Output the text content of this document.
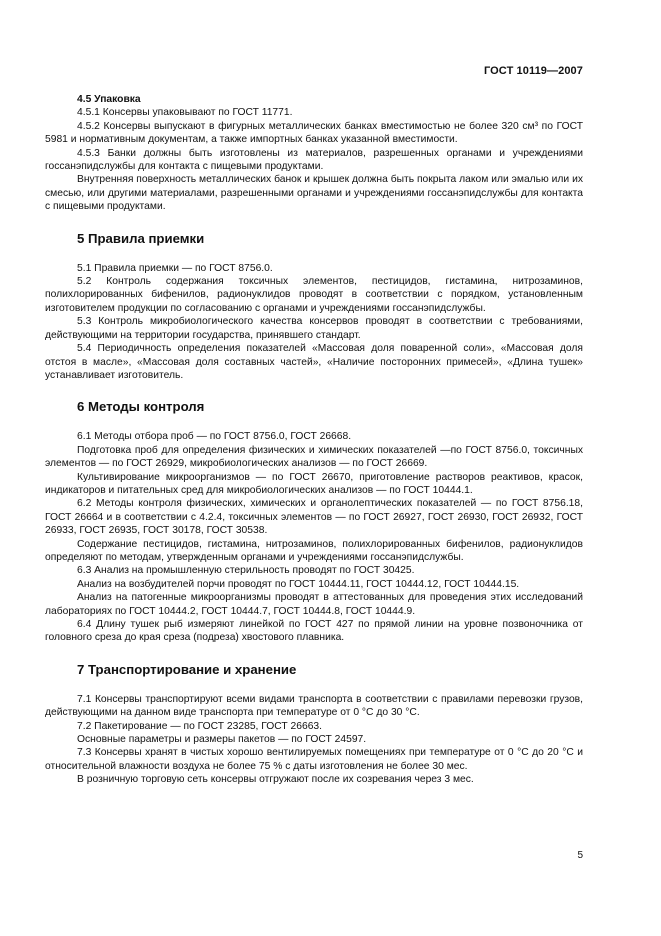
ГОСТ 10119—2007

4.5 Упаковка

4.5.1 Консервы упаковывают по ГОСТ 11771.

4.5.2 Консервы выпускают в фигурных металлических банках вместимостью не более 320 см³ по ГОСТ 5981 и нормативным документам, а также импортных банках указанной вместимости.

4.5.3 Банки должны быть изготовлены из материалов, разрешенных органами и учреждениями госсанэпидслужбы для контакта с пищевыми продуктами.

Внутренняя поверхность металлических банок и крышек должна быть покрыта лаком или эмалью или их смесью, или другими материалами, разрешенными органами и учреждениями госсанэпидслужбы для контакта с пищевыми продуктами.

5 Правила приемки

5.1 Правила приемки — по ГОСТ 8756.0.

5.2 Контроль содержания токсичных элементов, пестицидов, гистамина, нитрозаминов, полихлорированных бифенилов, радионуклидов проводят в соответствии с порядком, установленным изготовителем продукции по согласованию с органами и учреждениями госсанэпидслужбы.

5.3 Контроль микробиологического качества консервов проводят в соответствии с требованиями, действующими на территории государства, принявшего стандарт.

5.4 Периодичность определения показателей «Массовая доля поваренной соли», «Массовая доля отстоя в масле», «Массовая доля составных частей», «Наличие посторонних примесей», «Длина тушек» устанавливает изготовитель.

6 Методы контроля

6.1 Методы отбора проб — по ГОСТ 8756.0, ГОСТ 26668.

Подготовка проб для определения физических и химических показателей —по ГОСТ 8756.0, токсичных элементов — по ГОСТ 26929, микробиологических анализов — по ГОСТ 26669.

Культивирование микроорганизмов — по ГОСТ 26670, приготовление растворов реактивов, красок, индикаторов и питательных сред для микробиологических анализов — по ГОСТ 10444.1.

6.2 Методы контроля физических, химических и органолептических показателей — по ГОСТ 8756.18, ГОСТ 26664 и в соответствии с 4.2.4, токсичных элементов — по ГОСТ 26927, ГОСТ 26930, ГОСТ 26932, ГОСТ 26933, ГОСТ 26935, ГОСТ 30178, ГОСТ 30538.

Содержание пестицидов, гистамина, нитрозаминов, полихлорированных бифенилов, радионуклидов определяют по методам, утвержденным органами и учреждениями госсанэпидслужбы.

6.3 Анализ на промышленную стерильность проводят по ГОСТ 30425.

Анализ на возбудителей порчи проводят по ГОСТ 10444.11, ГОСТ 10444.12, ГОСТ 10444.15.

Анализ на патогенные микроорганизмы проводят в аттестованных для проведения этих исследований лабораториях по ГОСТ 10444.2, ГОСТ 10444.7, ГОСТ 10444.8, ГОСТ 10444.9.

6.4 Длину тушек рыб измеряют линейкой по ГОСТ 427 по прямой линии на уровне позвоночника от головного среза до края среза (подреза) хвостового плавника.

7 Транспортирование и хранение

7.1 Консервы транспортируют всеми видами транспорта в соответствии с правилами перевозки грузов, действующими на данном виде транспорта при температуре от 0 °С до 30 °С.

7.2 Пакетирование — по ГОСТ 23285, ГОСТ 26663.

Основные параметры и размеры пакетов — по ГОСТ 24597.

7.3 Консервы хранят в чистых хорошо вентилируемых помещениях при температуре от 0 °С до 20 °С и относительной влажности воздуха не более 75 % с даты изготовления не более 30 мес.

В розничную торговую сеть консервы отгружают после их созревания через 3 мес.

5
